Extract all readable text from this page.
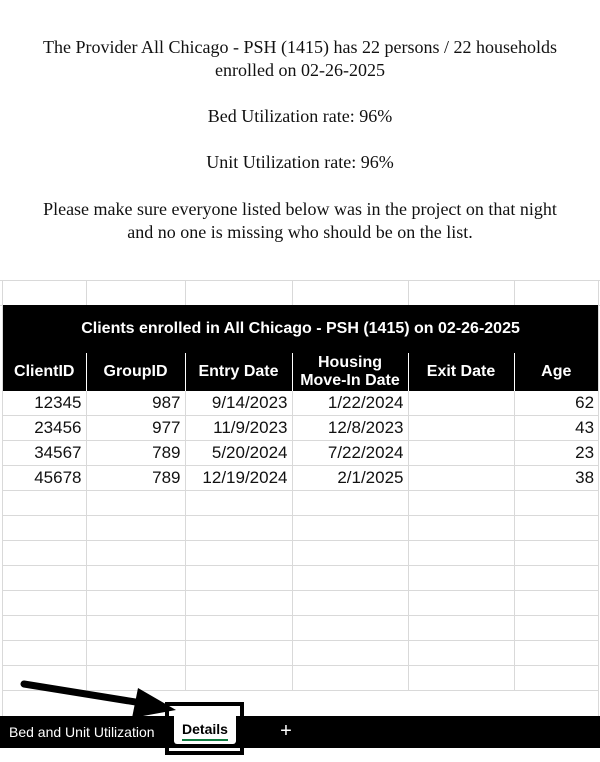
The Provider All Chicago - PSH (1415) has 22 persons / 22 households

enrolled on 02-26-2025

Bed Utilization rate: 96%

Unit Utilization rate: 96%

Please make sure everyone listed below was in the project on that night

and no one is missing who should be on the list.

Clients enrolled in All Chicago - PSH (1415) on 02-26-2025					
ClientID	GroupID	Entry Date	Housing Move-In Date	Exit Date	Age
12345	987	9/14/2023	1/22/2024		62
23456	977	11/9/2023	12/8/2023		43
34567	789	5/20/2024	7/22/2024		23
45678	789	12/19/2024	2/1/2025		38

Bed and Unit Utilization	Details	+
